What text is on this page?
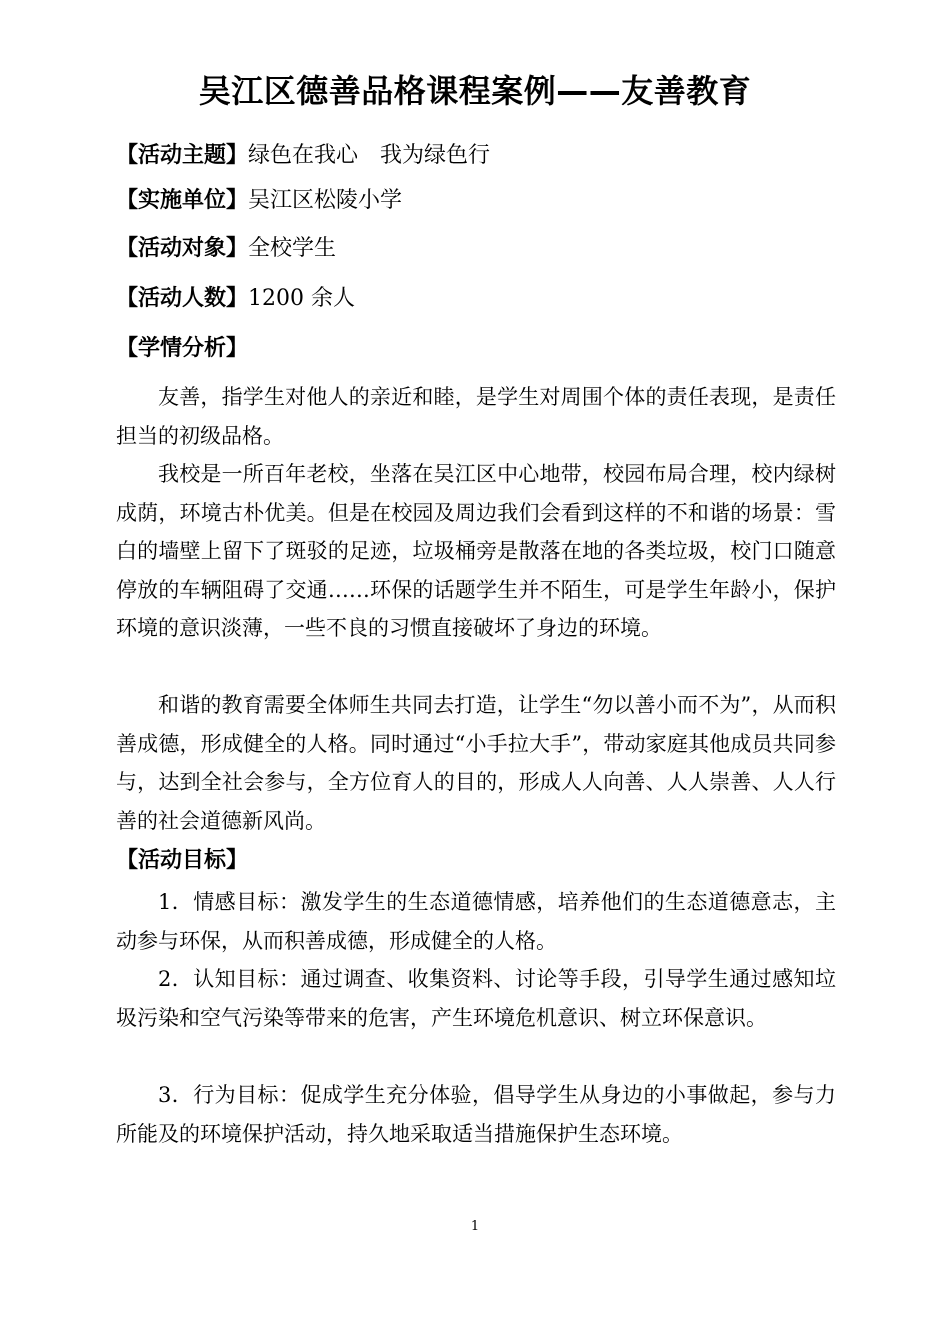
吴江区德善品格课程案例——友善教育
【活动主题】绿色在我心　我为绿色行
【实施单位】吴江区松陵小学
【活动对象】全校学生
【活动人数】1200 余人
【学情分析】

友善，指学生对他人的亲近和睦，是学生对周围个体的责任表现，是责任担当的初级品格。

我校是一所百年老校，坐落在吴江区中心地带，校园布局合理，校内绿树成荫，环境古朴优美。但是在校园及周边我们会看到这样的不和谐的场景：雪白的墙壁上留下了斑驳的足迹，垃圾桶旁是散落在地的各类垃圾，校门口随意停放的车辆阻碍了交通……环保的话题学生并不陌生，可是学生年龄小，保护环境的意识淡薄，一些不良的习惯直接破坏了身边的环境。

和谐的教育需要全体师生共同去打造，让学生“勿以善小而不为”，从而积善成德，形成健全的人格。同时通过“小手拉大手”，带动家庭其他成员共同参与，达到全社会参与，全方位育人的目的，形成人人向善、人人崇善、人人行善的社会道德新风尚。

【活动目标】

1．情感目标：激发学生的生态道德情感，培养他们的生态道德意志，主动参与环保，从而积善成德，形成健全的人格。

2．认知目标：通过调查、收集资料、讨论等手段，引导学生通过感知垃圾污染和空气污染等带来的危害，产生环境危机意识、树立环保意识。

3．行为目标：促成学生充分体验，倡导学生从身边的小事做起，参与力所能及的环境保护活动，持久地采取适当措施保护生态环境。

1
